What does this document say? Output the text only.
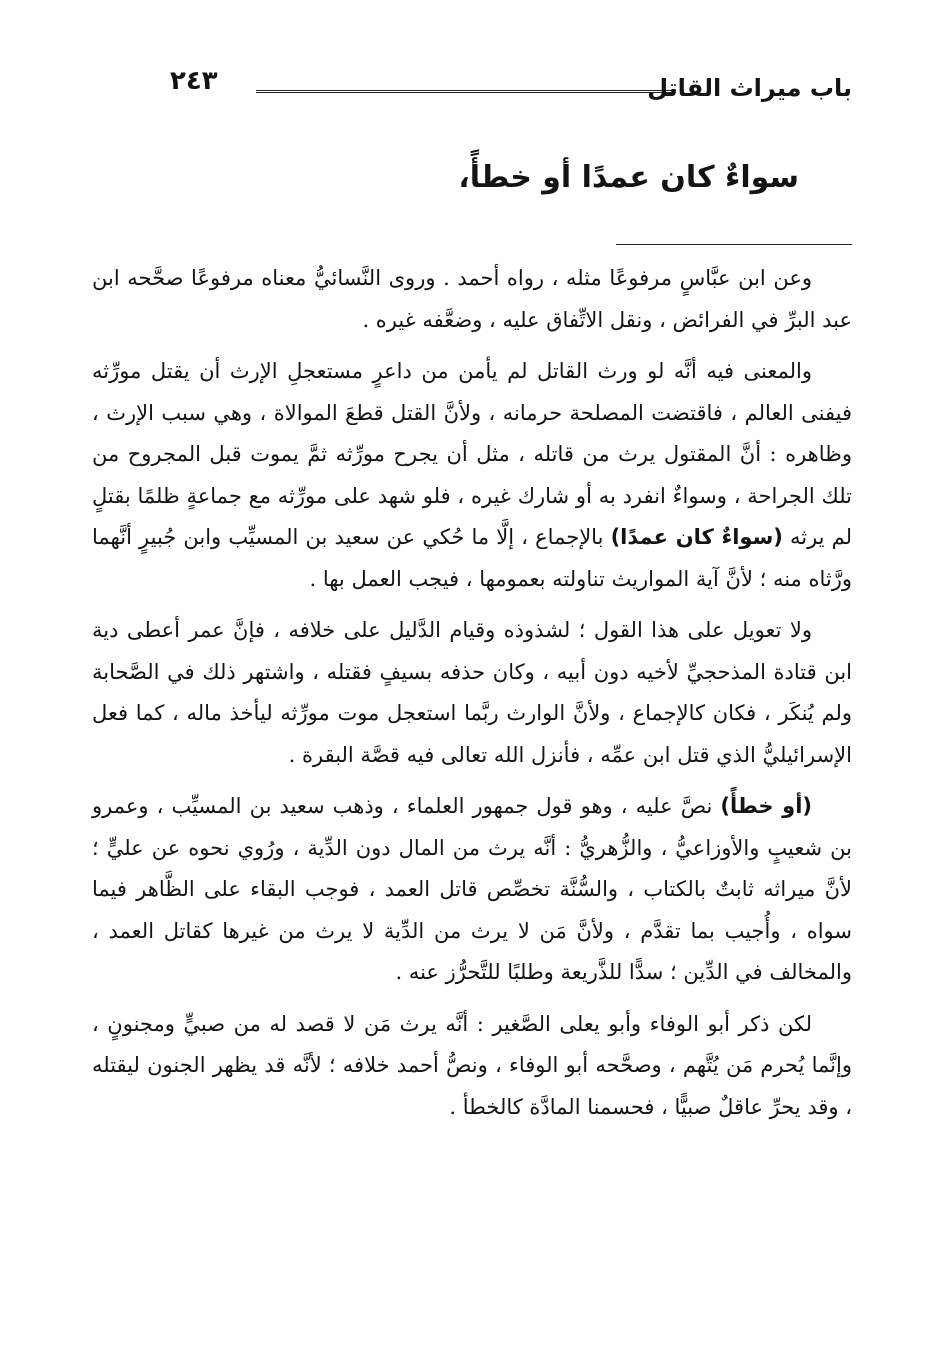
٢٤٣	باب ميراث القاتل
سواءٌ كان عمدًا أو خطأً،

وعن ابن عبَّاسٍ مرفوعًا مثله ، رواه أحمد . وروى النَّسائيُّ معناه مرفوعًا صحَّحه ابن عبد البرِّ في الفرائض ، ونقل الاتِّفاق عليه ، وضعَّفه غيره .

والمعنى فيه أنَّه لو ورث القاتل لم يأمن من داعرٍ مستعجلِ الإرث أن يقتل مورِّثه فيفنى العالم ، فاقتضت المصلحة حرمانه ، ولأنَّ القتل قطعَ الموالاة ، وهي سبب الإرث ، وظاهره : أنَّ المقتول يرث من قاتله ، مثل أن يجرح مورِّثه ثمَّ يموت قبل المجروح من تلك الجراحة ، وسواءٌ انفرد به أو شارك غيره ، فلو شهد على مورِّثه مع جماعةٍ ظلمًا بقتلٍ لم يرثه (سواءٌ كان عمدًا) بالإجماع ، إلَّا ما حُكي عن سعيد بن المسيِّب وابن جُبيرٍ أنَّهما ورَّثاه منه ؛ لأنَّ آية المواريث تناولته بعمومها ، فيجب العمل بها .

ولا تعويل على هذا القول ؛ لشذوذه وقيام الدَّليل على خلافه ، فإنَّ عمر أعطى دية ابن قتادة المذحجيِّ لأخيه دون أبيه ، وكان حذفه بسيفٍ فقتله ، واشتهر ذلك في الصَّحابة ولم يُنكَر ، فكان كالإجماع ، ولأنَّ الوارث ربَّما استعجل موت مورِّثه ليأخذ ماله ، كما فعل الإسرائيليُّ الذي قتل ابن عمِّه ، فأنزل الله تعالى فيه قصَّة البقرة .

(أو خطأً) نصَّ عليه ، وهو قول جمهور العلماء ، وذهب سعيد بن المسيِّب ، وعمرو بن شعيبٍ والأوزاعيُّ ، والزُّهريُّ : أنَّه يرث من المال دون الدِّية ، ورُوي نحوه عن عليٍّ ؛ لأنَّ ميراثه ثابتٌ بالكتاب ، والسُّنَّة تخصِّص قاتل العمد ، فوجب البقاء على الظَّاهر فيما سواه ، وأُجيب بما تقدَّم ، ولأنَّ مَن لا يرث من الدِّية لا يرث من غيرها كقاتل العمد ، والمخالف في الدِّين ؛ سدًّا للذَّريعة وطلبًا للتَّحرُّز عنه .

لكن ذكر أبو الوفاء وأبو يعلى الصَّغير : أنَّه يرث مَن لا قصد له من صبيٍّ ومجنونٍ ، وإنَّما يُحرم مَن يُتَّهم ، وصحَّحه أبو الوفاء ، ونصُّ أحمد خلافه ؛ لأنَّه قد يظهر الجنون ليقتله ، وقد يحرِّ عاقلٌ صبيًّا ، فحسمنا المادَّة كالخطأ .
